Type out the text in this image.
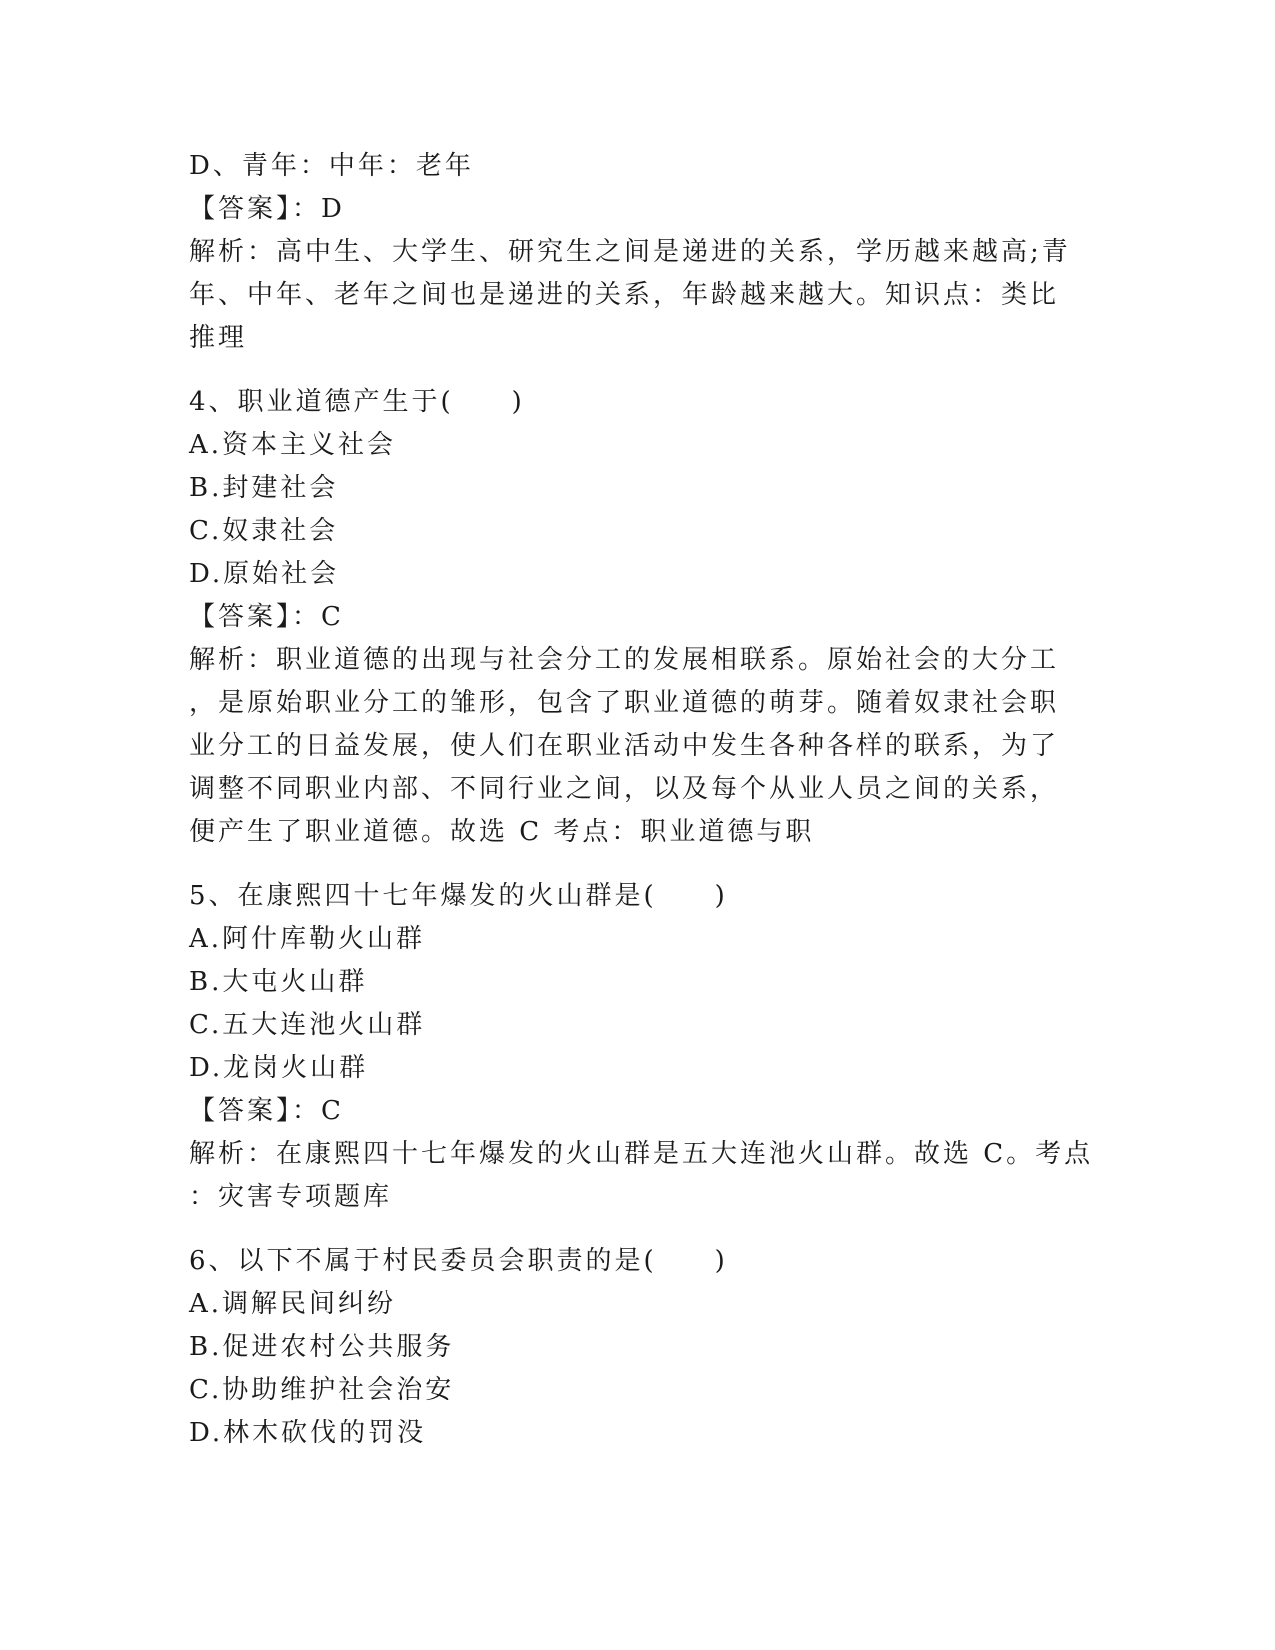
D、青年：中年：老年
【答案】：D
解析：高中生、大学生、研究生之间是递进的关系，学历越来越高;青
年、中年、老年之间也是递进的关系，年龄越来越大。知识点：类比
推理
4、职业道德产生于(　　)
A.资本主义社会
B.封建社会
C.奴隶社会
D.原始社会
【答案】：C
解析：职业道德的出现与社会分工的发展相联系。原始社会的大分工
，是原始职业分工的雏形，包含了职业道德的萌芽。随着奴隶社会职
业分工的日益发展，使人们在职业活动中发生各种各样的联系，为了
调整不同职业内部、不同行业之间，以及每个从业人员之间的关系，
便产生了职业道德。故选 C 考点：职业道德与职
5、在康熙四十七年爆发的火山群是(　　)
A.阿什库勒火山群
B.大屯火山群
C.五大连池火山群
D.龙岗火山群
【答案】：C
解析：在康熙四十七年爆发的火山群是五大连池火山群。故选 C。考点
：灾害专项题库
6、以下不属于村民委员会职责的是(　　)
A.调解民间纠纷
B.促进农村公共服务
C.协助维护社会治安
D.林木砍伐的罚没
